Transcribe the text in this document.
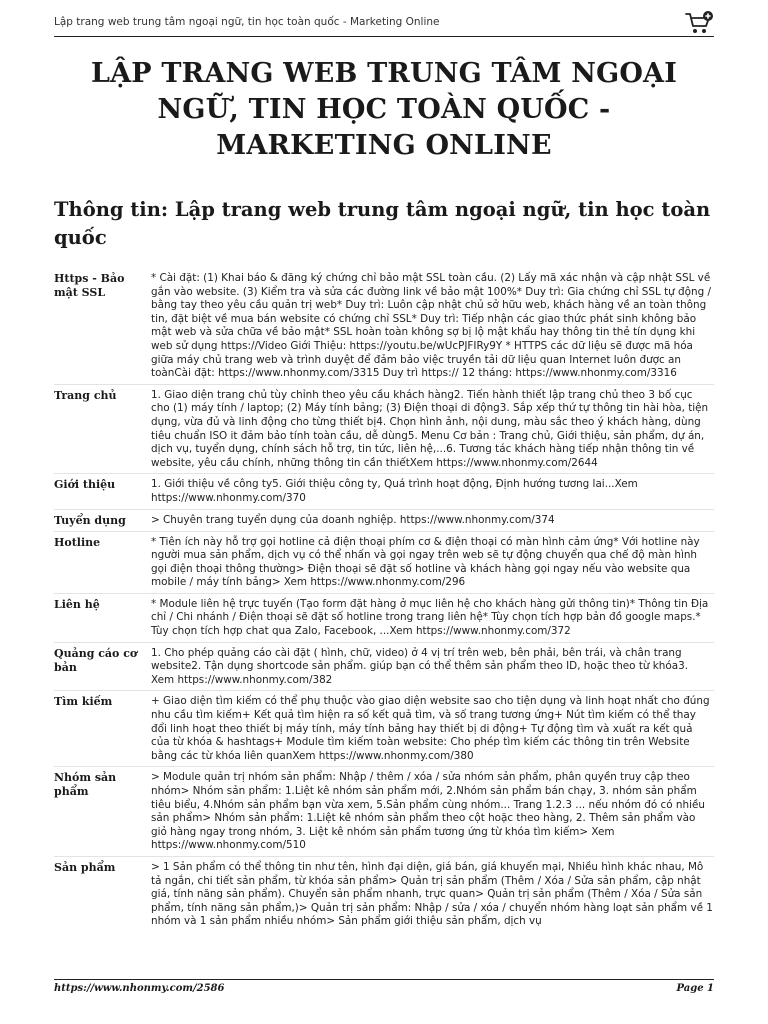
Lập trang web trung tâm ngoại ngữ, tin học toàn quốc - Marketing Online
LẬP TRANG WEB TRUNG TÂM NGOẠI NGỮ, TIN HỌC TOÀN QUỐC - MARKETING ONLINE
Thông tin: Lập trang web trung tâm ngoại ngữ, tin học toàn quốc
Https - Bảo mật SSL	* Cài đặt: (1) Khai báo & đăng ký chứng chỉ bảo mật SSL toàn cầu. (2) Lấy mã xác nhận và cập nhật SSL về gắn vào website. (3) Kiểm tra và sửa các đường link về bảo mật 100%* Duy trì: Gia chứng chỉ SSL tự động / bằng tay theo yêu cầu quản trị web* Duy trì: Luôn cập nhật chủ sở hữu web, khách hàng về an toàn thông tin, đặt biệt về mua bán website có chứng chỉ SSL* Duy trì: Tiếp nhận các giao thức phát sinh không bảo mật web và sửa chữa về bảo mật* SSL hoàn toàn không sợ bị lộ mật khẩu hay thông tin thẻ tín dụng khi web sử dụng https://Video Giới Thiệu: https://youtu.be/wUcPJFIRy9Y * HTTPS các dữ liệu sẽ được mã hóa giữa máy chủ trang web và trình duyệt để đảm bảo việc truyền tải dữ liệu quan Internet luôn được an toànCài đặt: https://www.nhonmy.com/3315 Duy trì https:// 12 tháng: https://www.nhonmy.com/3316
Trang chủ	1. Giao diện trang chủ tùy chỉnh theo yêu cầu khách hàng2. Tiến hành thiết lập trang chủ theo 3 bố cục cho (1) máy tính / laptop; (2) Máy tính bảng; (3) Điện thoại di động3. Sắp xếp thứ tự thông tin hài hòa, tiện dụng, vừa đủ và linh động cho từng thiết bị4. Chọn hình ảnh, nội dung, màu sắc theo ý khách hàng, dùng tiêu chuẩn ISO it đảm bảo tính toàn cầu, dễ dùng5. Menu Cơ bản : Trang chủ, Giới thiệu, sản phẩm, dự án, dịch vụ, tuyển dụng, chính sách hỗ trợ, tin tức, liên hệ,...6. Tương tác khách hàng tiếp nhận thông tin về website, yêu cầu chính, những thông tin cần thiếtXem https://www.nhonmy.com/2644
Giới thiệu	1. Giới thiệu về công ty5. Giới thiệu công ty, Quá trình hoạt động, Định hướng tương lai...Xem https://www.nhonmy.com/370
Tuyển dụng	> Chuyên trang tuyển dụng của doanh nghiệp. https://www.nhonmy.com/374
Hotline	* Tiên ích này hỗ trợ gọi hotline cả điện thoại phím cơ & điện thoại có màn hình cảm ứng* Với hotline này người mua sản phẩm, dịch vụ có thể nhấn và gọi ngay trên web sẽ tự động chuyển qua chế độ màn hình gọi điện thoại thông thường> Điện thoại sẽ đặt số hotline và khách hàng gọi ngay nếu vào website qua mobile / máy tính bảng> Xem https://www.nhonmy.com/296
Liên hệ	* Module liên hệ trực tuyến (Tạo form đặt hàng ở mục liên hệ cho khách hàng gửi thông tin)* Thông tin Địa chỉ / Chi nhánh / Điện thoại sẽ đặt số hotline trong trang liên hệ* Tùy chọn tích hợp bản đồ google maps.* Tùy chọn tích hợp chat qua Zalo, Facebook, ...Xem https://www.nhonmy.com/372
Quảng cáo cơ bản	1. Cho phép quảng cáo cài đặt ( hình, chữ, video) ở 4 vị trí trên web, bên phải, bên trái, và chân trang website2. Tận dụng shortcode sản phẩm. giúp bạn có thể thêm sản phẩm theo ID, hoặc theo từ khóa3. Xem https://www.nhonmy.com/382
Tìm kiếm	+ Giao diện tìm kiếm có thể phụ thuộc vào giao diện website sao cho tiện dụng và linh hoạt nhất cho đúng nhu cầu tìm kiếm+ Kết quả tìm hiện ra số kết quả tìm, và số trang tương ứng+ Nút tìm kiếm có thể thay đổi linh hoạt theo thiết bị máy tính, máy tính bảng hay thiết bị di động+ Tự động tìm và xuất ra kết quả của từ khóa & hashtags+ Module tìm kiếm toàn website: Cho phép tìm kiếm các thông tin trên Website bằng các từ khóa liên quanXem https://www.nhonmy.com/380
Nhóm sản phẩm	> Module quản trị nhóm sản phẩm: Nhập / thêm / xóa / sửa nhóm sản phẩm, phân quyền truy cập theo nhóm> Nhóm sản phẩm: 1.Liệt kê nhóm sản phẩm mới, 2.Nhóm sản phẩm bán chạy, 3. nhóm sản phẩm tiêu biểu, 4.Nhóm sản phẩm bạn vừa xem, 5.Sản phẩm cùng nhóm... Trang 1.2.3 ... nếu nhóm đó có nhiều sản phẩm> Nhóm sản phẩm: 1.Liệt kê nhóm sản phẩm theo cột hoặc theo hàng, 2. Thêm sản phẩm vào giỏ hàng ngay trong nhóm, 3. Liệt kê nhóm sản phẩm tương ứng từ khóa tìm kiếm> Xem https://www.nhonmy.com/510
Sản phẩm	> 1 Sản phẩm có thể thông tin như tên, hình đại diện, giá bán, giá khuyến mại, Nhiều hình khác nhau, Mô tả ngắn, chi tiết sản phẩm, từ khóa sản phẩm> Quản trị sản phẩm (Thêm / Xóa / Sửa sản phẩm, cập nhật giá, tính năng sản phẩm). Chuyển sản phẩm nhanh, trực quan> Quản trị sản phẩm (Thêm / Xóa / Sửa sản phẩm, tính năng sản phẩm,)> Quản trị sản phẩm: Nhập / sửa / xóa / chuyển nhóm hàng loạt sản phẩm về 1 nhóm và 1 sản phẩm nhiều nhóm> Sản phẩm giới thiệu sản phẩm, dịch vụ
https://www.nhonmy.com/2586	Page 1
